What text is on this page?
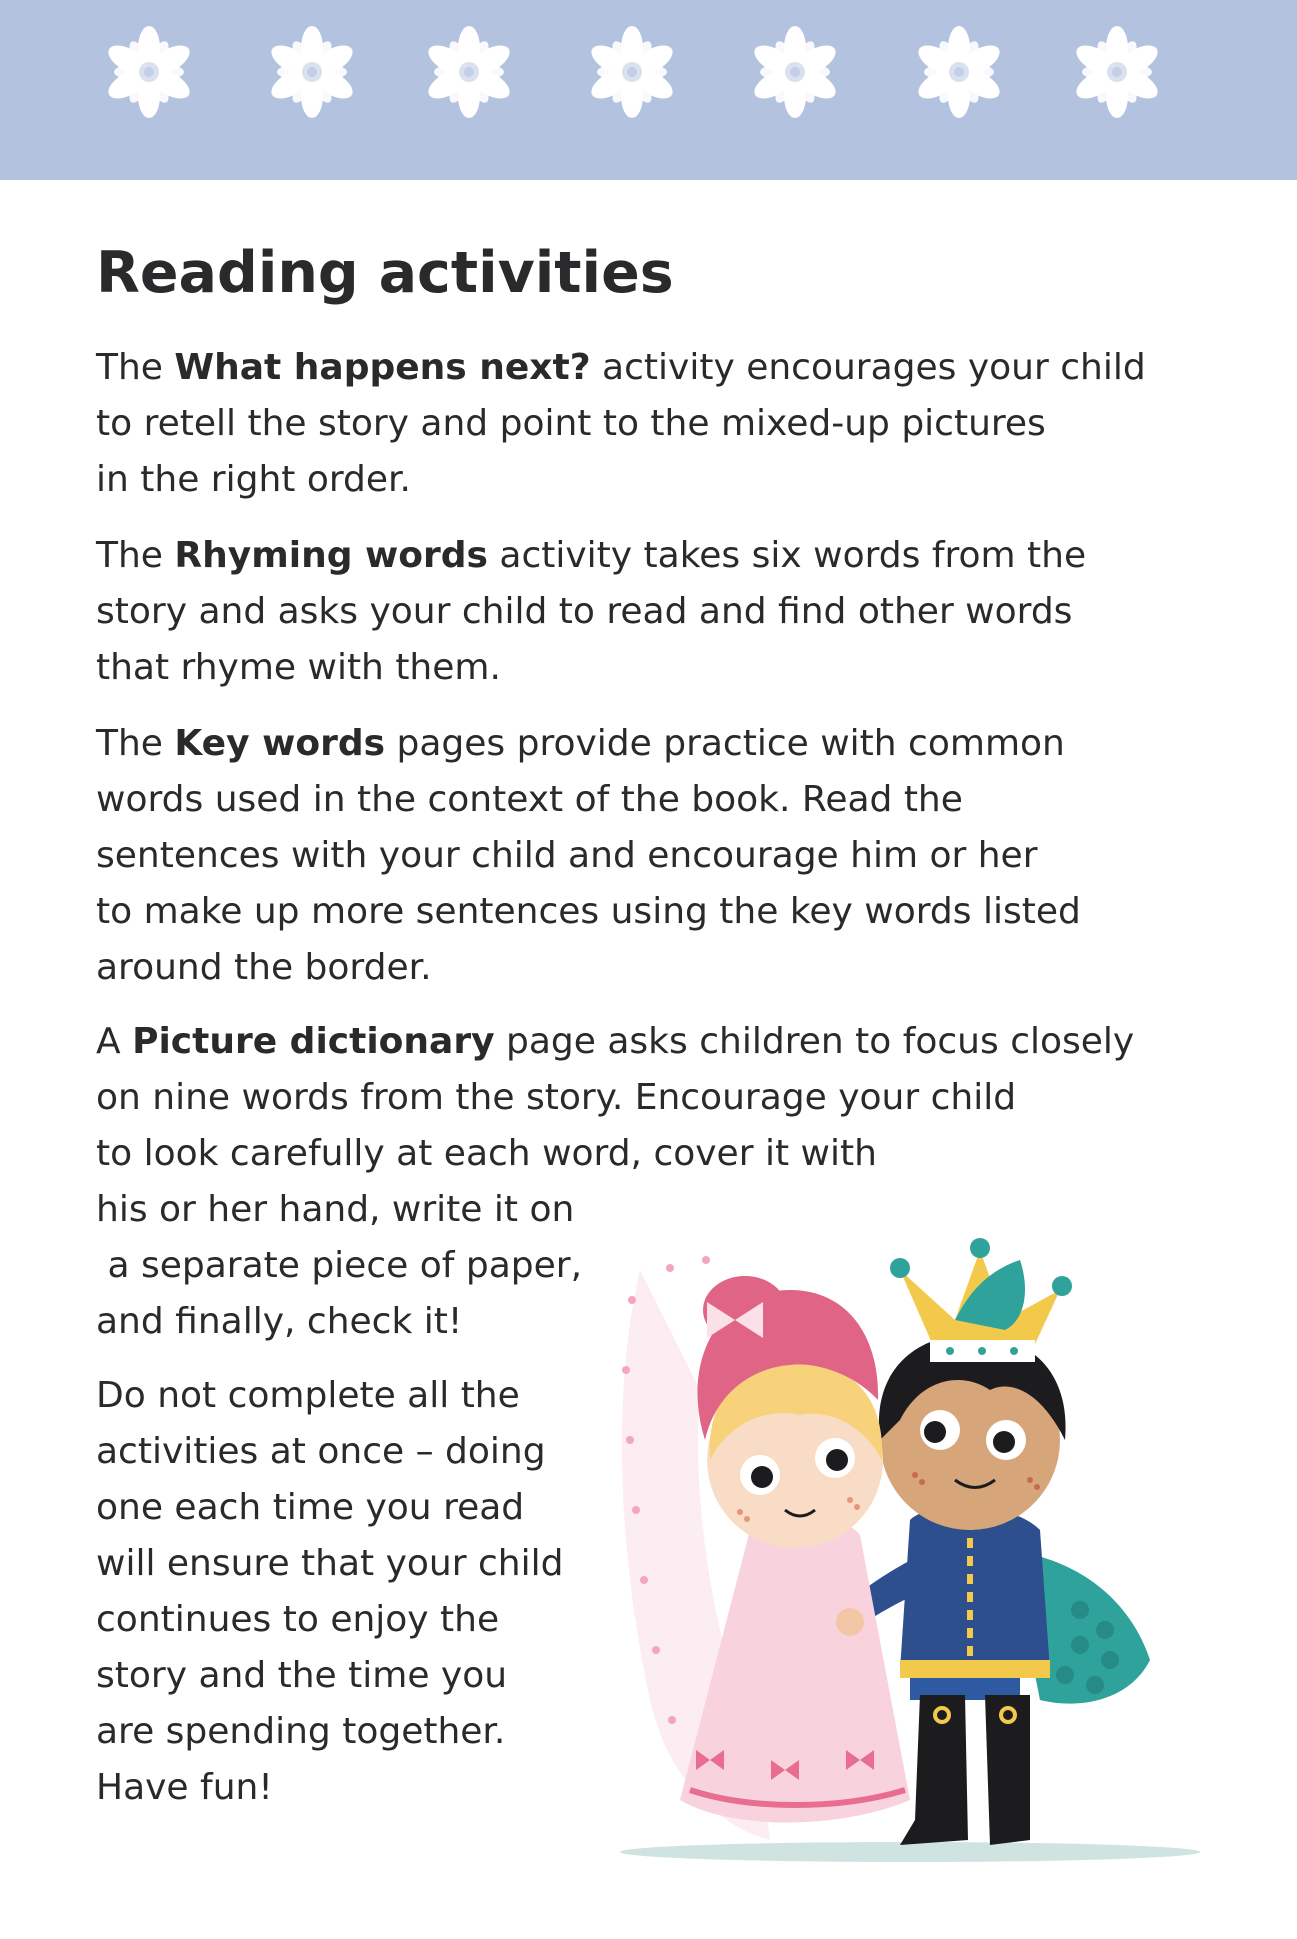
Reading activities
The What happens next? activity encourages your child
to retell the story and point to the mixed-up pictures
in the right order.
The Rhyming words activity takes six words from the
story and asks your child to read and find other words
that rhyme with them.
The Key words pages provide practice with common
words used in the context of the book. Read the
sentences with your child and encourage him or her
to make up more sentences using the key words listed
around the border.
A Picture dictionary page asks children to focus closely
on nine words from the story. Encourage your child
to look carefully at each word, cover it with
his or her hand, write it on
a separate piece of paper,
and finally, check it!
Do not complete all the
activities at once – doing
one each time you read
will ensure that your child
continues to enjoy the
story and the time you
are spending together.
Have fun!
